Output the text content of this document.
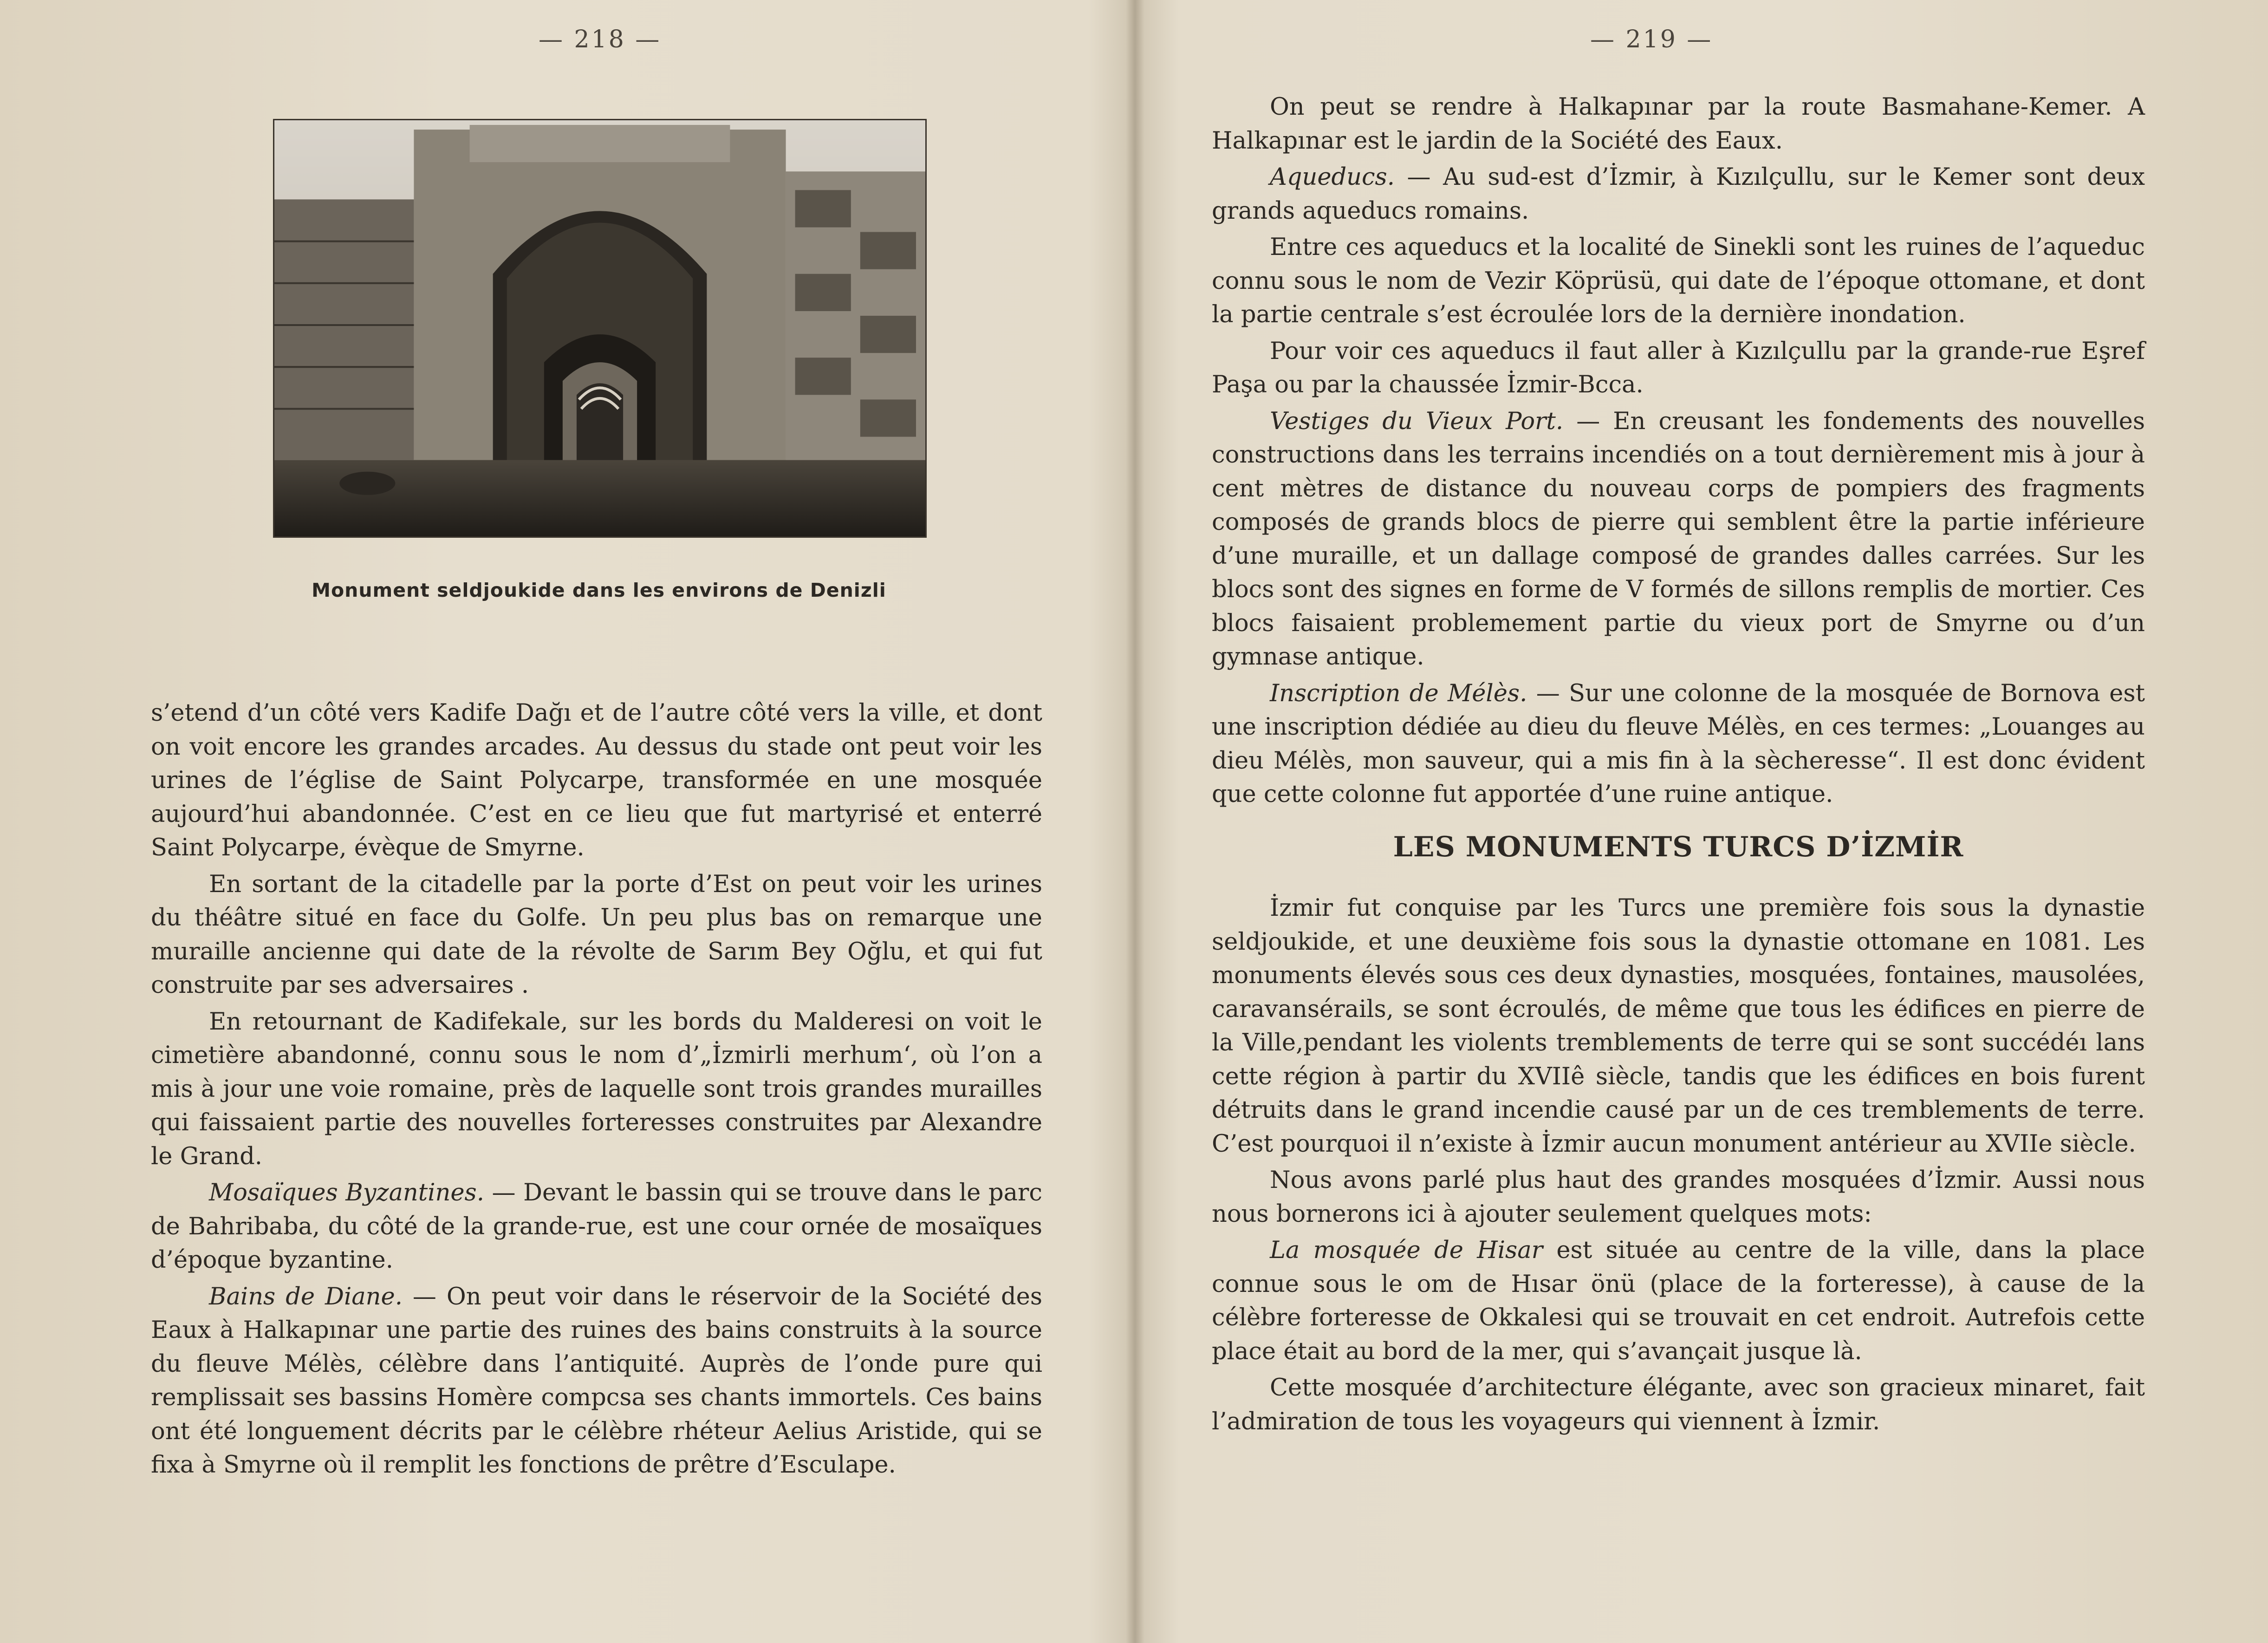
— 218 —
Monument seldjoukide dans les environs de Denizli

s’etend d’un côté vers Kadife Dağı et de l’autre côté vers la ville, et dont on voit encore les grandes arcades. Au dessus du stade ont peut voir les urines de l’église de Saint Polycarpe, transformée en une mosquée aujourd’hui abandonnée. C’est en ce lieu que fut martyrisé et enterré Saint Polycarpe, évèque de Smyrne.

En sortant de la citadelle par la porte d’Est on peut voir les urines du théâtre situé en face du Golfe. Un peu plus bas on remarque une muraille ancienne qui date de la révolte de Sarım Bey Oğlu, et qui fut construite par ses adversaires .

En retournant de Kadifekale, sur les bords du Malderesi on voit le cimetière abandonné, connu sous le nom d’„İzmirli merhum‘, où l’on a mis à jour une voie romaine, près de laquelle sont trois grandes murailles qui faissaient partie des nouvelles forteresses construites par Alexandre le Grand.

Mosaïques Byzantines. — Devant le bassin qui se trouve dans le parc de Bahribaba, du côté de la grande-rue, est une cour ornée de mosaïques d’époque byzantine.

Bains de Diane. — On peut voir dans le réservoir de la Société des Eaux à Halkapınar une partie des ruines des bains construits à la source du fleuve Mélès, célèbre dans l’antiquité. Auprès de l’onde pure qui remplissait ses bassins Homère compcsa ses chants immortels. Ces bains ont été longuement décrits par le célèbre rhéteur Aelius Aristide, qui se fixa à Smyrne où il remplit les fonctions de prêtre d’Esculape.

— 219 —

On peut se rendre à Halkapınar par la route Basmahane-Kemer. A Halkapınar est le jardin de la Société des Eaux.

Aqueducs. — Au sud-est d’İzmir, à Kızılçullu, sur le Kemer sont deux grands aqueducs romains.

Entre ces aqueducs et la localité de Sinekli sont les ruines de l’aqueduc connu sous le nom de Vezir Köprüsü, qui date de l’époque ottomane, et dont la partie centrale s’est écroulée lors de la dernière inondation.

Pour voir ces aqueducs il faut aller à Kızılçullu par la grande-rue Eşref Paşa ou par la chaussée İzmir-Bcca.

Vestiges du Vieux Port. — En creusant les fondements des nouvelles constructions dans les terrains incendiés on a tout dernièrement mis à jour à cent mètres de distance du nouveau corps de pompiers des fragments composés de grands blocs de pierre qui semblent être la partie inférieure d’une muraille, et un dallage composé de grandes dalles carrées. Sur les blocs sont des signes en forme de V formés de sillons remplis de mortier. Ces blocs faisaient problemement partie du vieux port de Smyrne ou d’un gymnase antique.

Inscription de Mélès. — Sur une colonne de la mosquée de Bornova est une inscription dédiée au dieu du fleuve Mélès, en ces termes: „Louanges au dieu Mélès, mon sauveur, qui a mis fin à la sècheresse“. Il est donc évident que cette colonne fut apportée d’une ruine antique.

LES MONUMENTS TURCS D’İZMİR

İzmir fut conquise par les Turcs une première fois sous la dynastie seldjoukide, et une deuxième fois sous la dynastie ottomane en 1081. Les monuments élevés sous ces deux dynasties, mosquées, fontaines, mausolées, caravansérails, se sont écroulés, de même que tous les édifices en pierre de la Ville,pendant les violents tremblements de terre qui se sont succédéı lans cette région à partir du XVIIê siècle, tandis que les édifices en bois furent détruits dans le grand incendie causé par un de ces tremblements de terre. C’est pourquoi il n’existe à İzmir aucun monument antérieur au XVIIe siècle.

Nous avons parlé plus haut des grandes mosquées d’İzmir. Aussi nous nous bornerons ici à ajouter seulement quelques mots:

La mosquée de Hisar est située au centre de la ville, dans la place connue sous le om de Hısar önü (place de la forteresse), à cause de la célèbre forteresse de Okkalesi qui se trouvait en cet endroit. Autrefois cette place était au bord de la mer, qui s’avançait jusque là.

Cette mosquée d’architecture élégante, avec son gracieux minaret, fait l’admiration de tous les voyageurs qui viennent à İzmir.
